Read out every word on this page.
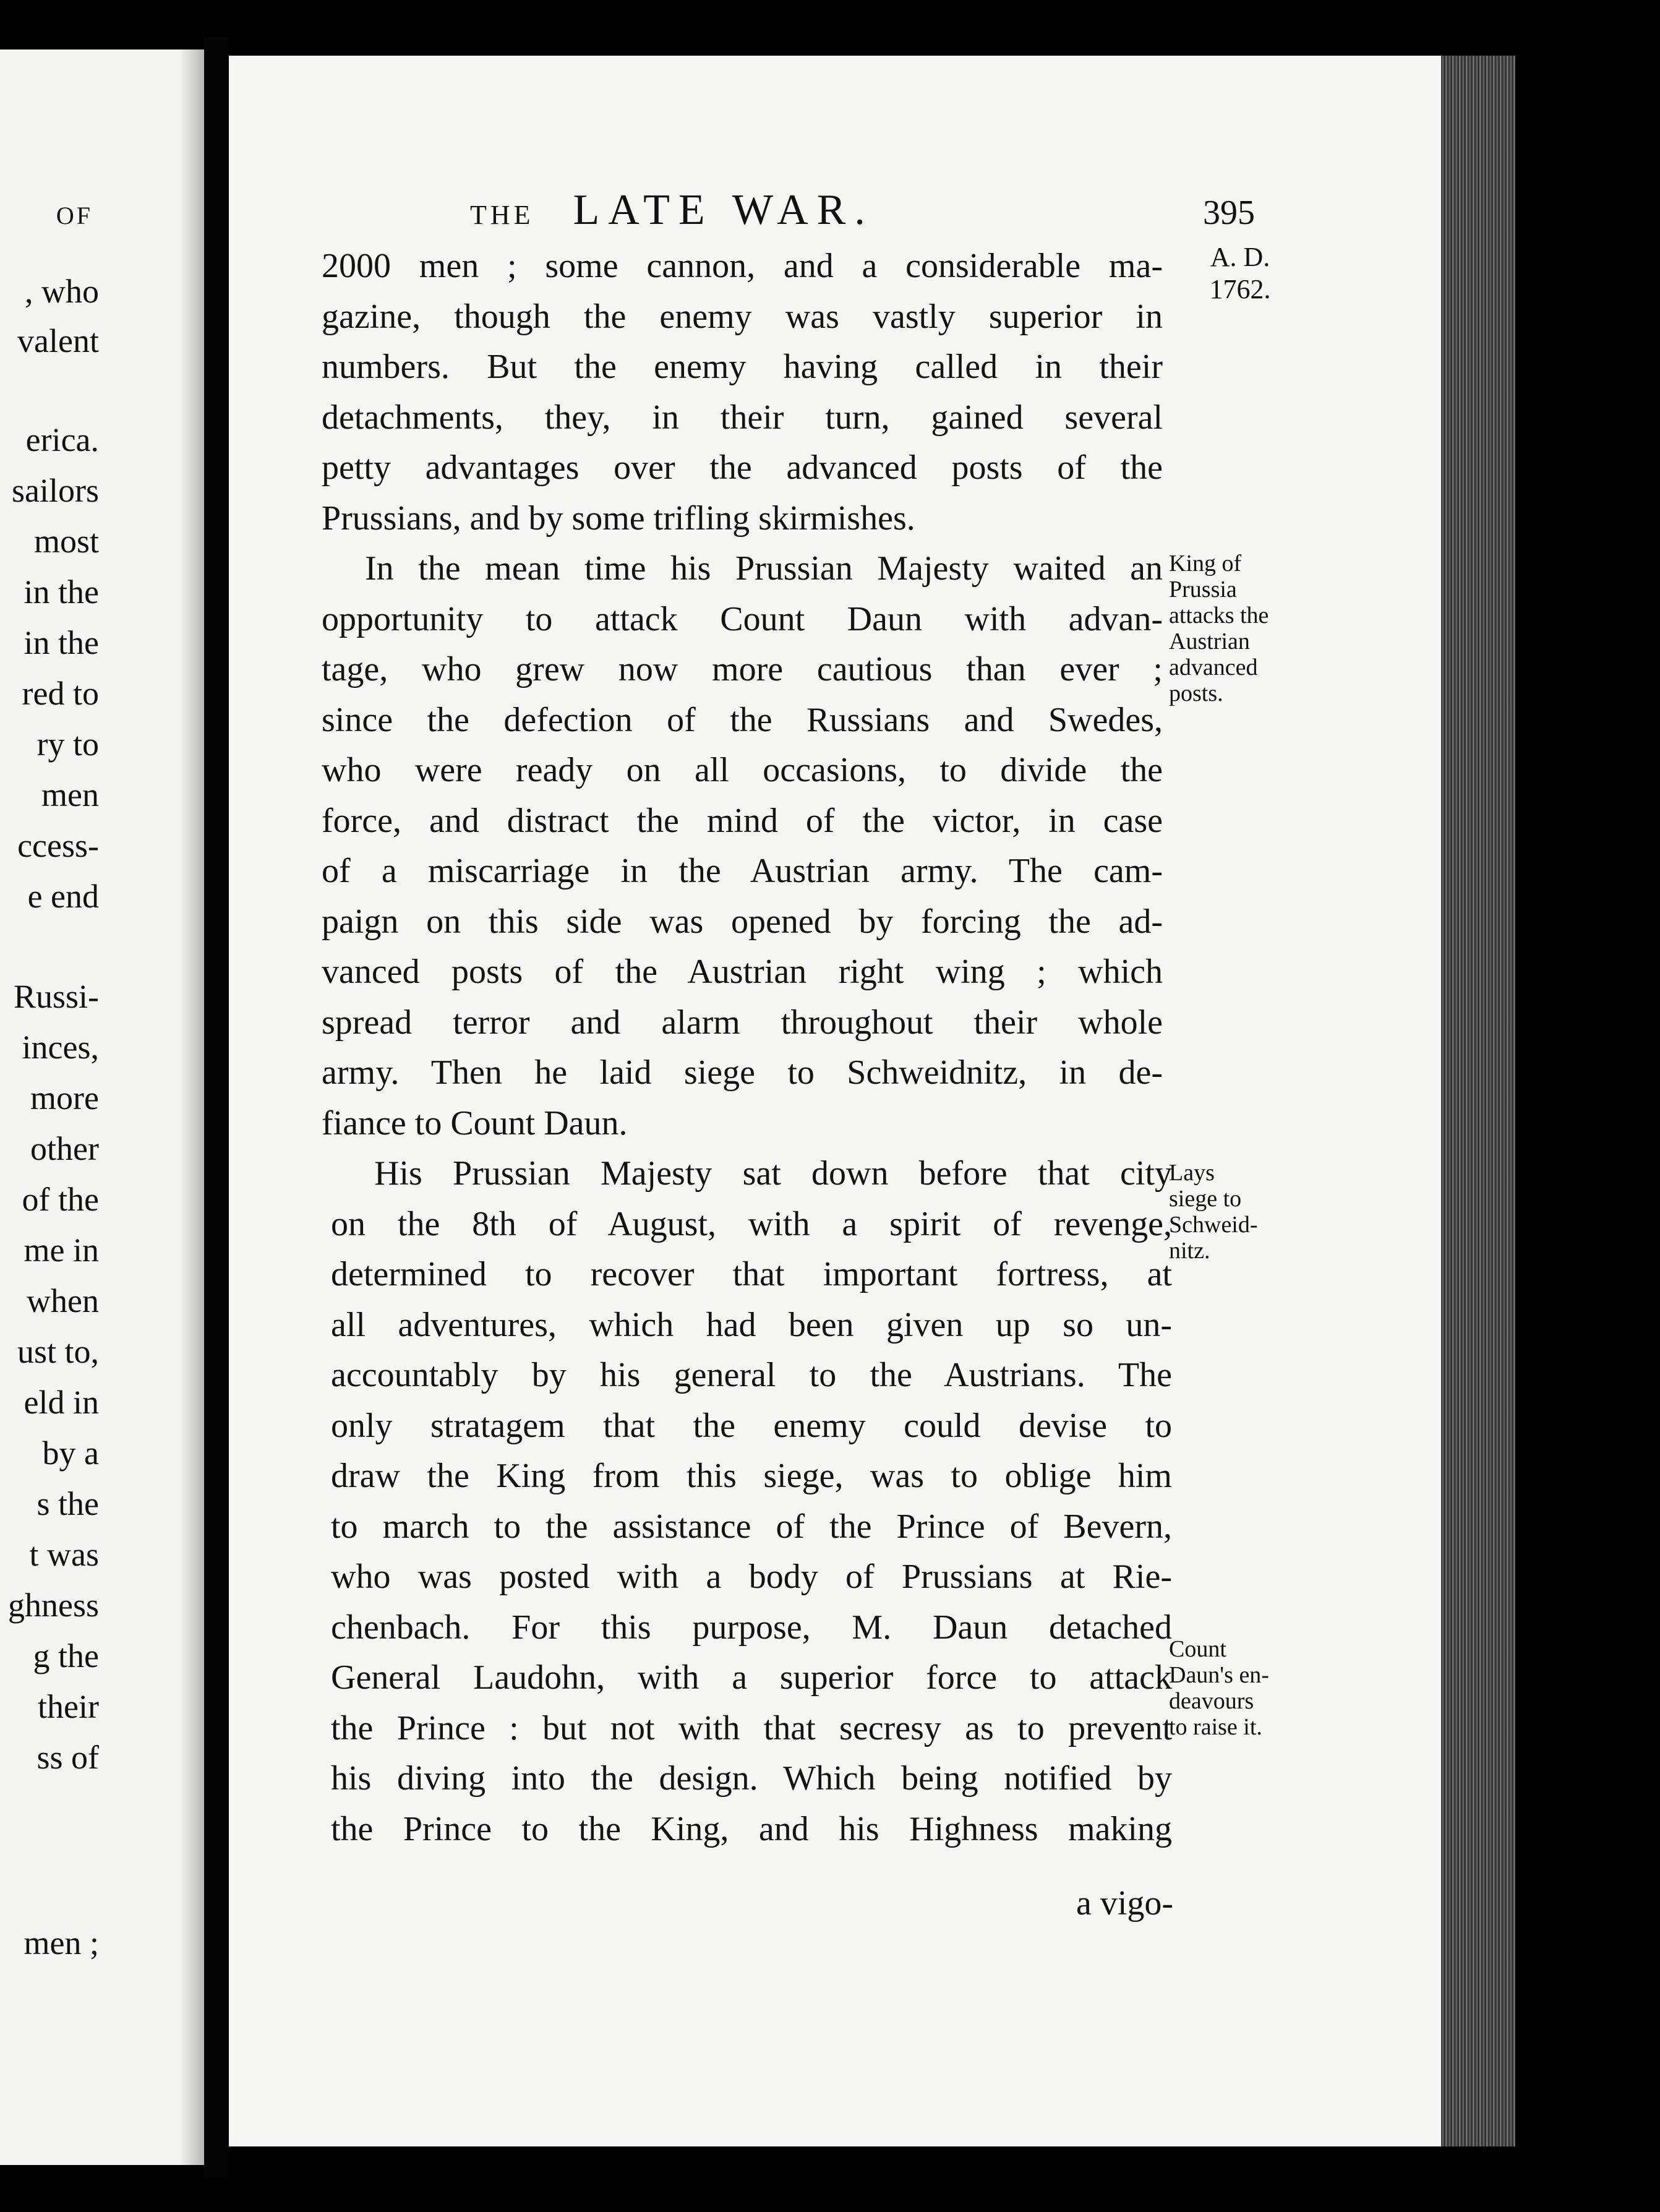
OF
, who
valent
erica.
sailors
most
in the
in the
red to
ry to
men
ccess-
e end
Russi-
inces,
more
other
of the
me in
when
ust to,
eld in
by a
s the
t was
ghness
g the
their
ss of
men ;

THE LATE WAR.	395
A. D.
1762.
2000 men ; some cannon, and a considerable ma-
gazine, though the enemy was vastly superior in
numbers. But the enemy having called in their
detachments, they, in their turn, gained several
petty advantages over the advanced posts of the
Prussians, and by some trifling skirmishes.
In the mean time his Prussian Majesty waited an
opportunity to attack Count Daun with advan-
tage, who grew now more cautious than ever ;
since the defection of the Russians and Swedes,
who were ready on all occasions, to divide the
force, and distract the mind of the victor, in case
of a miscarriage in the Austrian army. The cam-
paign on this side was opened by forcing the ad-
vanced posts of the Austrian right wing ; which
spread terror and alarm throughout their whole
army. Then he laid siege to Schweidnitz, in de-
fiance to Count Daun.
His Prussian Majesty sat down before that city
on the 8th of August, with a spirit of revenge,
determined to recover that important fortress, at
all adventures, which had been given up so un-
accountably by his general to the Austrians. The
only stratagem that the enemy could devise to
draw the King from this siege, was to oblige him
to march to the assistance of the Prince of Bevern,
who was posted with a body of Prussians at Rie-
chenbach. For this purpose, M. Daun detached
General Laudohn, with a superior force to attack
the Prince : but not with that secresy as to prevent
his diving into the design. Which being notified by
the Prince to the King, and his Highness making
a vigo-
King of
Prussia
attacks the
Austrian
advanced
posts.
Lays
siege to
Schweid-
nitz.
Count
Daun's en-
deavours
to raise it.
